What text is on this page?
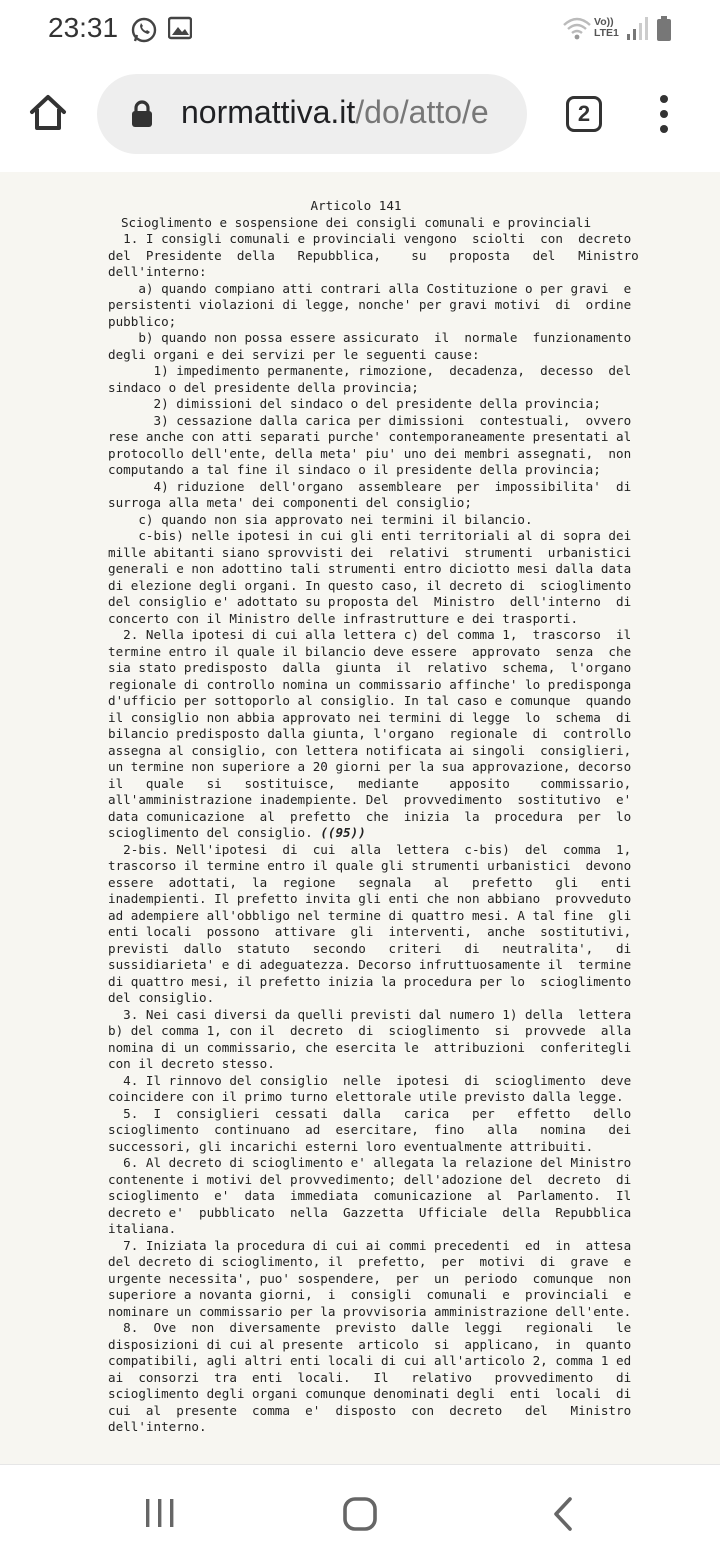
23:31	Vo)) LTE1
normattiva.it/do/atto/e	2
Articolo 141
Scioglimento e sospensione dei consigli comunali e provinciali
1. I consigli comunali e provinciali vengono  sciolti  con  decreto
del  Presidente  della   Repubblica,    su   proposta   del   Ministro
dell'interno:
a) quando compiano atti contrari alla Costituzione o per gravi  e
persistenti violazioni di legge, nonche' per gravi motivi  di  ordine
pubblico;
b) quando non possa essere assicurato  il  normale  funzionamento
degli organi e dei servizi per le seguenti cause:
1) impedimento permanente, rimozione,  decadenza,  decesso  del
sindaco o del presidente della provincia;
2) dimissioni del sindaco o del presidente della provincia;
3) cessazione dalla carica per dimissioni  contestuali,  ovvero
rese anche con atti separati purche' contemporaneamente presentati al
protocollo dell'ente, della meta' piu' uno dei membri assegnati,  non
computando a tal fine il sindaco o il presidente della provincia;
4) riduzione  dell'organo  assembleare  per  impossibilita'  di
surroga alla meta' dei componenti del consiglio;
c) quando non sia approvato nei termini il bilancio.
c-bis) nelle ipotesi in cui gli enti territoriali al di sopra dei
mille abitanti siano sprovvisti dei  relativi  strumenti  urbanistici
generali e non adottino tali strumenti entro diciotto mesi dalla data
di elezione degli organi. In questo caso, il decreto di  scioglimento
del consiglio e' adottato su proposta del  Ministro  dell'interno  di
concerto con il Ministro delle infrastrutture e dei trasporti.
2. Nella ipotesi di cui alla lettera c) del comma 1,  trascorso  il
termine entro il quale il bilancio deve essere  approvato  senza  che
sia stato predisposto  dalla  giunta  il  relativo  schema,  l'organo
regionale di controllo nomina un commissario affinche' lo predisponga
d'ufficio per sottoporlo al consiglio. In tal caso e comunque  quando
il consiglio non abbia approvato nei termini di legge  lo  schema  di
bilancio predisposto dalla giunta, l'organo  regionale  di  controllo
assegna al consiglio, con lettera notificata ai singoli  consiglieri,
un termine non superiore a 20 giorni per la sua approvazione, decorso
il   quale   si   sostituisce,   mediante    apposito    commissario,
all'amministrazione inadempiente. Del  provvedimento  sostitutivo  e'
data comunicazione  al  prefetto  che  inizia  la  procedura  per  lo
scioglimento del consiglio. ((95))
2-bis. Nell'ipotesi  di  cui  alla  lettera  c-bis)  del  comma  1,
trascorso il termine entro il quale gli strumenti urbanistici  devono
essere  adottati,  la  regione   segnala   al   prefetto   gli   enti
inadempienti. Il prefetto invita gli enti che non abbiano  provveduto
ad adempiere all'obbligo nel termine di quattro mesi. A tal fine  gli
enti locali  possono  attivare  gli  interventi,  anche  sostitutivi,
previsti  dallo  statuto   secondo   criteri   di   neutralita',   di
sussidiarieta' e di adeguatezza. Decorso infruttuosamente il  termine
di quattro mesi, il prefetto inizia la procedura per lo  scioglimento
del consiglio.
3. Nei casi diversi da quelli previsti dal numero 1) della  lettera
b) del comma 1, con il  decreto  di  scioglimento  si  provvede  alla
nomina di un commissario, che esercita le  attribuzioni  conferitegli
con il decreto stesso.
4. Il rinnovo del consiglio  nelle  ipotesi  di  scioglimento  deve
coincidere con il primo turno elettorale utile previsto dalla legge.
5.  I  consiglieri  cessati  dalla   carica   per   effetto   dello
scioglimento  continuano  ad  esercitare,  fino   alla   nomina   dei
successori, gli incarichi esterni loro eventualmente attribuiti.
6. Al decreto di scioglimento e' allegata la relazione del Ministro
contenente i motivi del provvedimento; dell'adozione del  decreto  di
scioglimento  e'  data  immediata  comunicazione  al  Parlamento.  Il
decreto e'  pubblicato  nella  Gazzetta  Ufficiale  della  Repubblica
italiana.
7. Iniziata la procedura di cui ai commi precedenti  ed  in  attesa
del decreto di scioglimento, il  prefetto,  per  motivi  di  grave  e
urgente necessita', puo' sospendere,  per  un  periodo  comunque  non
superiore a novanta giorni,  i  consigli  comunali  e  provinciali  e
nominare un commissario per la provvisoria amministrazione dell'ente.
8.  Ove  non  diversamente  previsto  dalle  leggi   regionali   le
disposizioni di cui al presente  articolo  si  applicano,  in  quanto
compatibili, agli altri enti locali di cui all'articolo 2, comma 1 ed
ai  consorzi  tra  enti  locali.   Il   relativo   provvedimento   di
scioglimento degli organi comunque denominati degli  enti  locali  di
cui  al  presente  comma  e'  disposto  con  decreto   del   Ministro
dell'interno.
